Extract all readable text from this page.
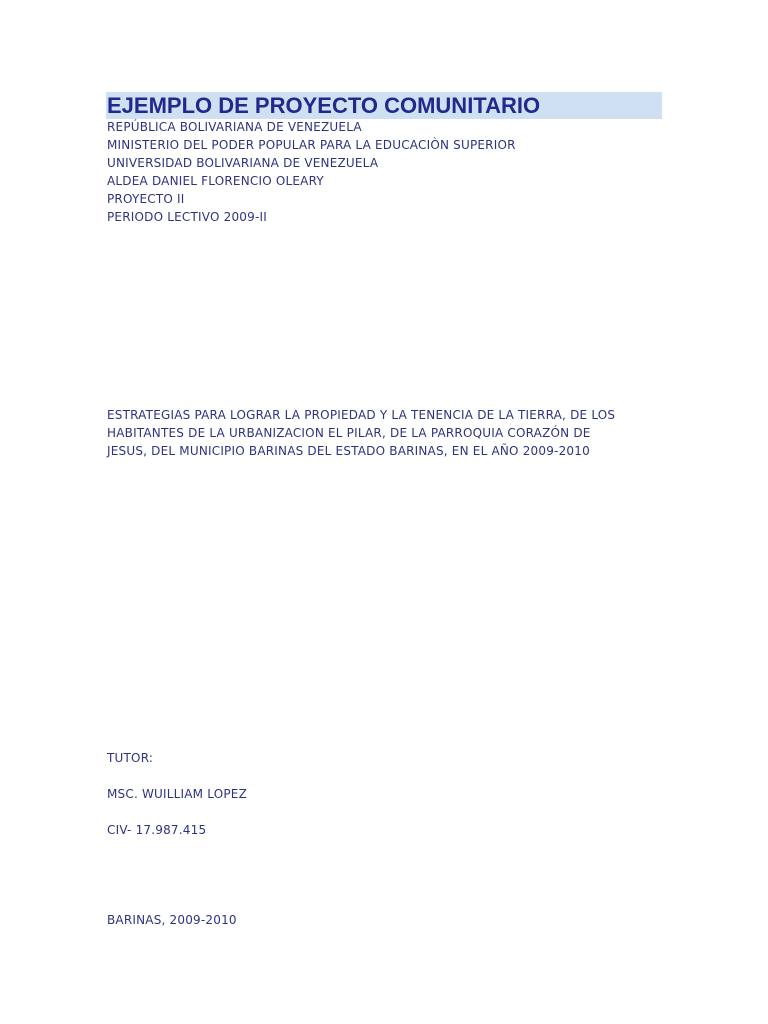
EJEMPLO DE PROYECTO COMUNITARIO
REPÚBLICA BOLIVARIANA DE VENEZUELA
MINISTERIO DEL PODER POPULAR PARA LA EDUCACIÒN SUPERIOR
UNIVERSIDAD BOLIVARIANA DE VENEZUELA
ALDEA DANIEL FLORENCIO OLEARY
PROYECTO II
PERIODO LECTIVO 2009-II
ESTRATEGIAS PARA LOGRAR LA PROPIEDAD Y LA TENENCIA DE LA TIERRA, DE LOS
HABITANTES DE LA URBANIZACION EL PILAR, DE LA PARROQUIA CORAZÓN DE
JESUS, DEL MUNICIPIO BARINAS DEL ESTADO BARINAS, EN EL AÑO 2009-2010
TUTOR:
MSC. WUILLIAM LOPEZ
CIV- 17.987.415
BARINAS, 2009-2010
